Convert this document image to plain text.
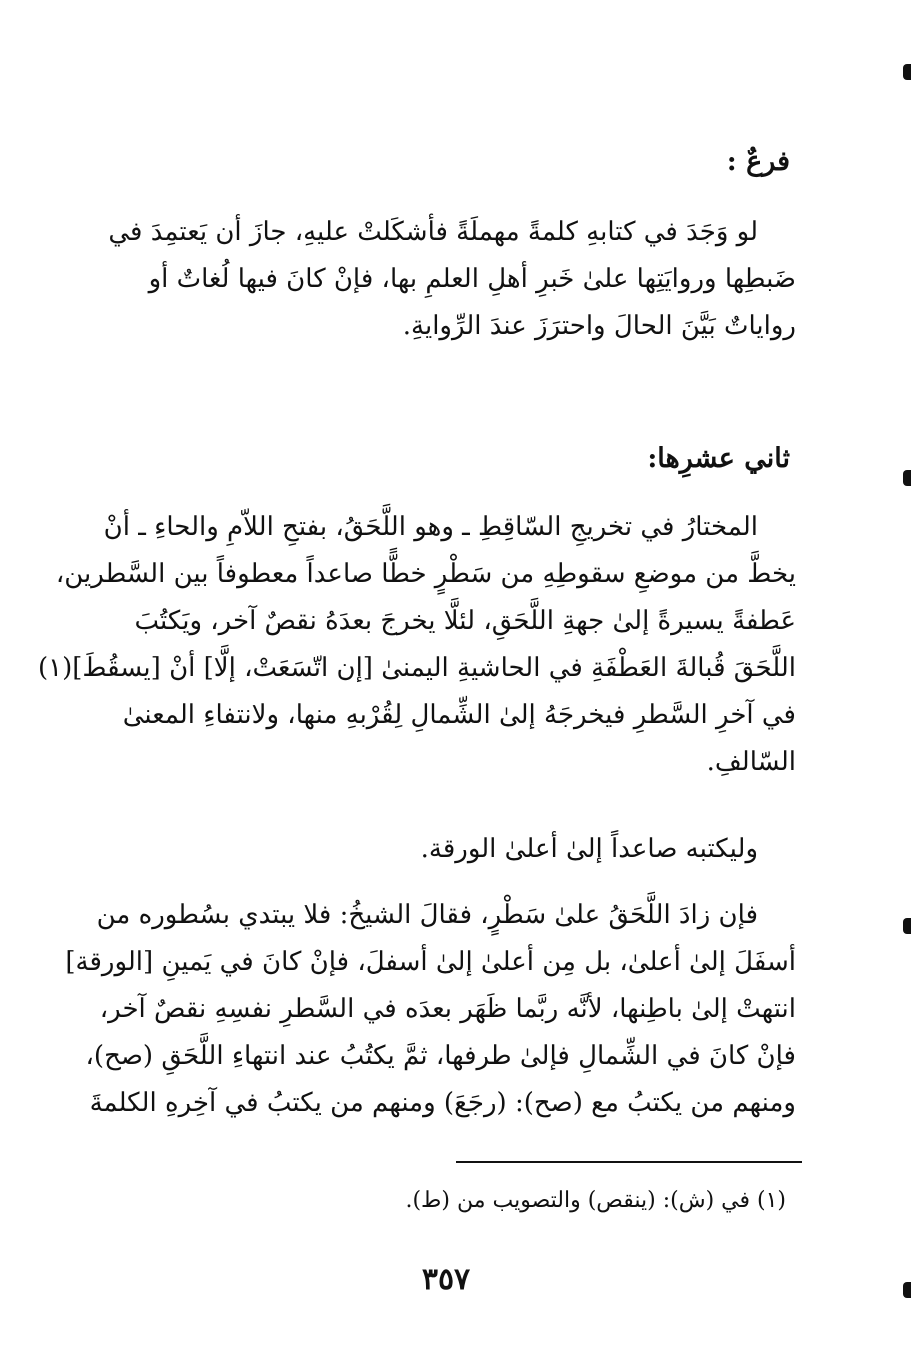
فرعٌ :
لو وَجَدَ في كتابهِ كلمةً مهملَةً فأشكَلتْ عليهِ، جازَ أن يَعتمِدَ في
ضَبطِها وروايَتِها علىٰ خَبرِ أهلِ العلمِ بها، فإنْ كانَ فيها لُغاتٌ أو
رواياتٌ بَيَّنَ الحالَ واحترَزَ عندَ الرِّوايةِ.
ثاني عشرِها:
المختارُ في تخريجِ السّاقِطِ ـ وهو اللَّحَقُ، بفتحِ اللاّمِ والحاءِ ـ أنْ
يخطَّ من موضعِ سقوطِهِ من سَطْرٍ خطًّا صاعداً معطوفاً بين السَّطرين،
عَطفةً يسيرةً إلىٰ جهةِ اللَّحَقِ، لئلَّا يخرجَ بعدَهُ نقصٌ آخر، ويَكتُبَ
اللَّحَقَ قُبالةَ العَطْفَةِ في الحاشيةِ اليمنىٰ [إن اتّسَعَتْ، إلَّا] أنْ [يسقُطَ](١)
في آخرِ السَّطرِ فيخرجَهُ إلىٰ الشِّمالِ لِقُرْبهِ منها، ولانتفاءِ المعنىٰ
السّالفِ.
وليكتبه صاعداً إلىٰ أعلىٰ الورقة.
فإن زادَ اللَّحَقُ علىٰ سَطْرٍ، فقالَ الشيخُ: فلا يبتدي بسُطوره من
أسفَلَ إلىٰ أعلىٰ، بل مِن أعلىٰ إلىٰ أسفلَ، فإنْ كانَ في يَمينِ [الورقة]
انتهتْ إلىٰ باطِنها، لأنَّه ربَّما ظَهَر بعدَه في السَّطرِ نفسِهِ نقصٌ آخر،
فإنْ كانَ في الشِّمالِ فإلىٰ طرفها، ثمَّ يكتُبُ عند انتهاءِ اللَّحَقِ (صح)،
ومنهم من يكتبُ مع (صح): (رجَعَ) ومنهم من يكتبُ في آخِرهِ الكلمةَ
(١) في (ش): (ينقص) والتصويب من (ط).
٣٥٧
